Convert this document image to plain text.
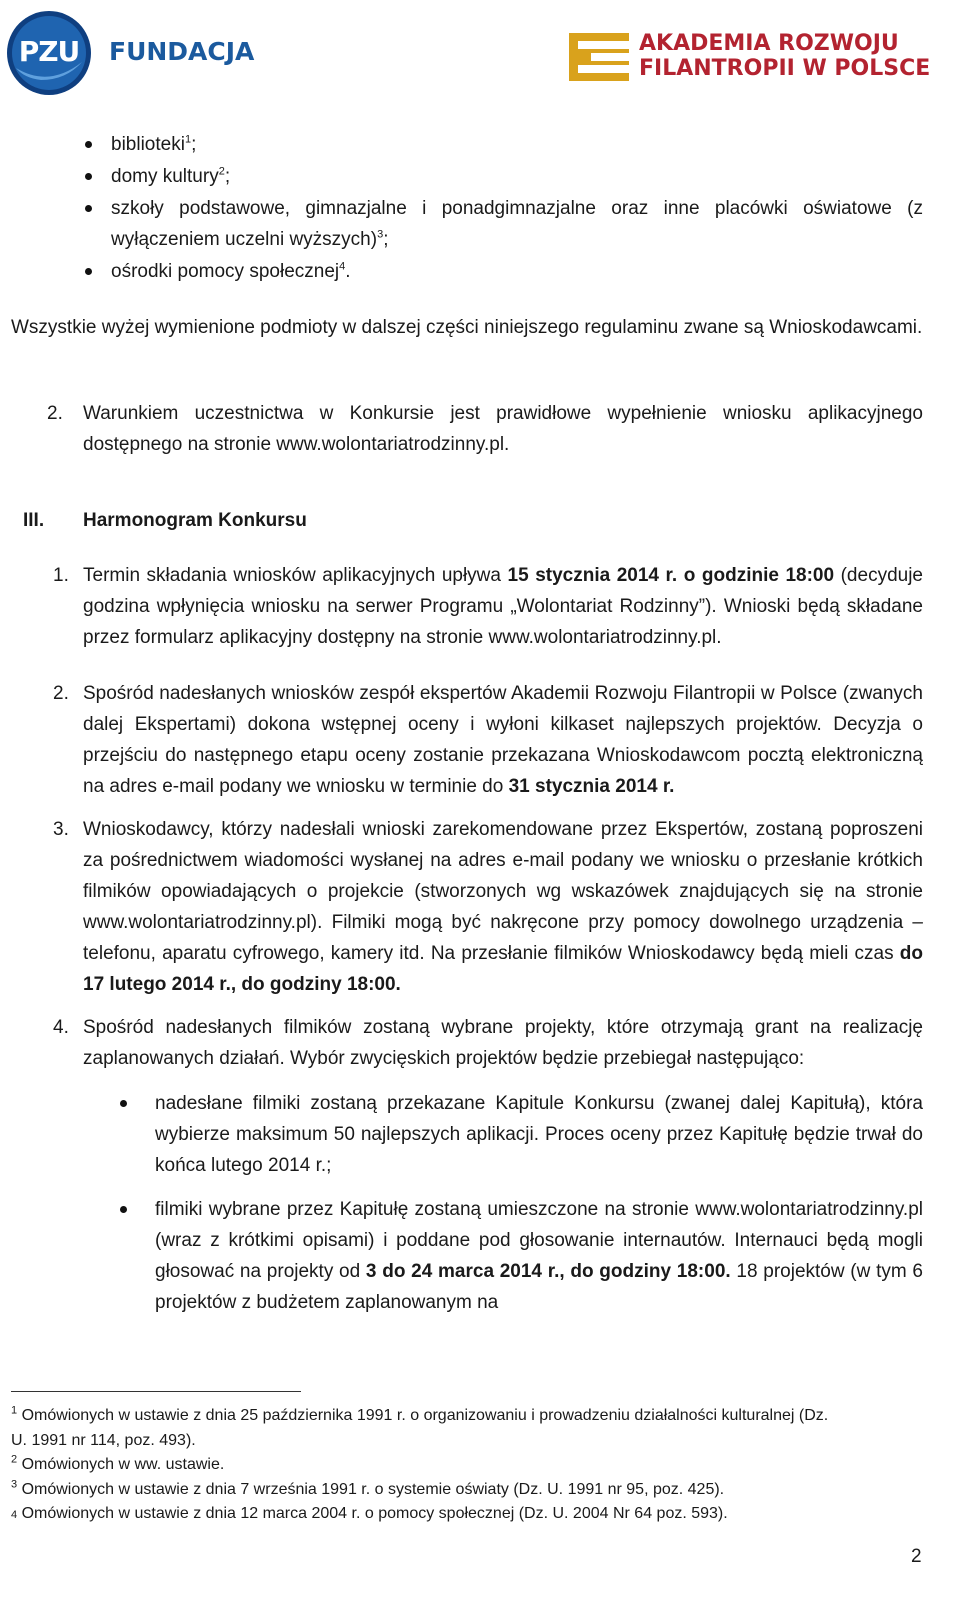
PZU FUNDACJA	AKADEMIA ROZWOJU
FILANTROPII W POLSCE
biblioteki$^1$;
domy kultury$^2$;
szkoły podstawowe, gimnazjalne i ponadgimnazjalne oraz inne placówki oświatowe (z wyłączeniem uczelni wyższych)$^3$;
ośrodki pomocy społecznej$^4$.
Wszystkie wyżej wymienione podmioty w dalszej części niniejszego regulaminu zwane są Wnioskodawcami.
2. Warunkiem uczestnictwa w Konkursie jest prawidłowe wypełnienie wniosku aplikacyjnego dostępnego na stronie www.wolontariatrodzinny.pl.
III. Harmonogram Konkursu
1. Termin składania wniosków aplikacyjnych upływa 15 stycznia 2014 r. o godzinie 18:00 (decyduje godzina wpłynięcia wniosku na serwer Programu „Wolontariat Rodzinny”). Wnioski będą składane przez formularz aplikacyjny dostępny na stronie www.wolontariatrodzinny.pl.
2. Spośród nadesłanych wniosków zespół ekspertów Akademii Rozwoju Filantropii w Polsce (zwanych dalej Ekspertami) dokona wstępnej oceny i wyłoni kilkaset najlepszych projektów. Decyzja o przejściu do następnego etapu oceny zostanie przekazana Wnioskodawcom pocztą elektroniczną na adres e-mail podany we wniosku w terminie do 31 stycznia 2014 r.
3. Wnioskodawcy, którzy nadesłali wnioski zarekomendowane przez Ekspertów, zostaną poproszeni za pośrednictwem wiadomości wysłanej na adres e-mail podany we wniosku o przesłanie krótkich filmików opowiadających o projekcie (stworzonych wg wskazówek znajdujących się na stronie www.wolontariatrodzinny.pl). Filmiki mogą być nakręcone przy pomocy dowolnego urządzenia – telefonu, aparatu cyfrowego, kamery itd. Na przesłanie filmików Wnioskodawcy będą mieli czas do 17 lutego 2014 r., do godziny 18:00.
4. Spośród nadesłanych filmików zostaną wybrane projekty, które otrzymają grant na realizację zaplanowanych działań. Wybór zwycięskich projektów będzie przebiegał następująco:
nadesłane filmiki zostaną przekazane Kapitule Konkursu (zwanej dalej Kapitułą), która wybierze maksimum 50 najlepszych aplikacji. Proces oceny przez Kapitułę będzie trwał do końca lutego 2014 r.;
filmiki wybrane przez Kapitułę zostaną umieszczone na stronie www.wolontariatrodzinny.pl (wraz z krótkimi opisami) i poddane pod głosowanie internautów. Internauci będą mogli głosować na projekty od 3 do 24 marca 2014 r., do godziny 18:00. 18 projektów (w tym 6 projektów z budżetem zaplanowanym na
$^1$ Omówionych w ustawie z dnia 25 października 1991 r. o organizowaniu i prowadzeniu działalności kulturalnej (Dz. U. 1991 nr 114, poz. 493).
$^2$ Omówionych w ww. ustawie.
$^3$ Omówionych w ustawie z dnia 7 września 1991 r. o systemie oświaty (Dz. U. 1991 nr 95, poz. 425).
4 Omówionych w ustawie z dnia 12 marca 2004 r. o pomocy społecznej (Dz. U. 2004 Nr 64 poz. 593).
2
